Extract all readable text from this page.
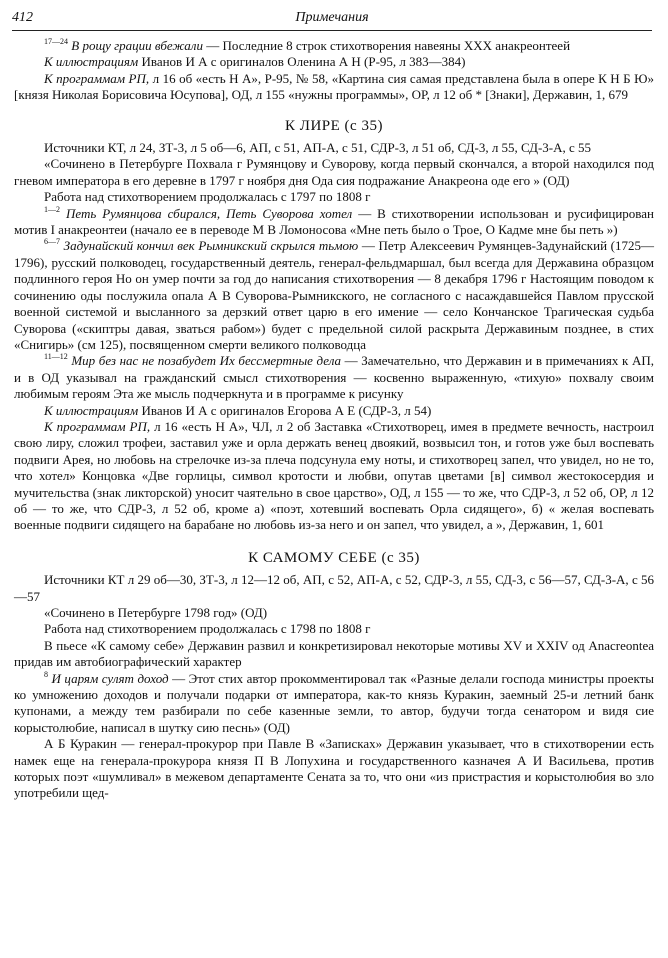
412	Примечания

$^{17—24}$ В рощу грации вбежали — Последние 8 строк стихотворения навеяны XXX анакреонтеей

К иллюстрациям Иванов И А с оригиналов Оленина А Н (Р-95, л 383—384)

К программам РП, л 16 об «есть Н А», Р-95, № 58, «Картина сия самая представлена была в опере К Н Б Ю» [князя Николая Борисовича Юсупова], ОД, л 155 «нужны программы», ОР, л 12 об * [Знаки], Державин, 1, 679

К ЛИРЕ (с 35)

Источники КТ, л 24, ЗТ-3, л 5 об—6, АП, с 51, АП-А, с 51, СДР-3, л 51 об, СД-3, л 55, СД-3-А, с 55

«Сочинено в Петербурге Похвала г Румянцову и Суворову, когда первый скончался, а второй находился под гневом императора в его деревне в 1797 г ноября дня Ода сия подражание Анакреона оде его » (ОД)

Работа над стихотворением продолжалась с 1797 по 1808 г

$^{1—2}$ Петь Румянцова сбирался, Петь Суворова хотел — В стихотворении использован и русифицирован мотив I анакреонтеи (начало ее в переводе М В Ломоносова «Мне петь было о Трое, О Кадме мне бы петь »)

$^{6—7}$ Задунайский кончил век Рымникский скрылся тьмою — Петр Алексеевич Румянцев-Задунайский (1725—1796), русский полководец, государственный деятель, генерал-фельдмаршал, был всегда для Державина образцом подлинного героя Но он умер почти за год до написания стихотворения — 8 декабря 1796 г Настоящим поводом к сочинению оды послужила опала А В Суворова-Рымникского, не согласного с насаждавшейся Павлом прусской военной системой и высланного за дерзкий ответ царю в его имение — село Кончанское Трагическая судьба Суворова («скиптры давая, зваться рабом») будет с предельной силой раскрыта Державиным позднее, в стих «Снигирь» (см 125), посвященном смерти великого полководца

$^{11—12}$ Мир без нас не позабудет Их бессмертные дела — Замечательно, что Державин и в примечаниях к АП, и в ОД указывал на гражданский смысл стихотворения — косвенно выраженную, «тихую» похвалу своим любимым героям Эта же мысль подчеркнута и в программе к рисунку

К иллюстрациям Иванов И А с оригиналов Егорова А Е (СДР-3, л 54)

К программам РП, л 16 «есть Н А», ЧЛ, л 2 об Заставка «Стихотворец, имея в предмете вечность, настроил свою лиру, сложил трофеи, заставил уже и орла держать венец двоякий, возвысил тон, и готов уже был воспевать подвиги Арея, но любовь на стрелочке из-за плеча подсунула ему ноты, и стихотворец запел, что увидел, но не то, что хотел» Концовка «Две горлицы, символ кротости и любви, опутав цветами [в] символ жестокосердия и мучительства (знак ликторской) уносит чаятельно в свое царство», ОД, л 155 — то же, что СДР-3, л 52 об, ОР, л 12 об — то же, что СДР-3, л 52 об, кроме а) «поэт, хотевший воспевать Орла сидящего», б) « желая воспевать военные подвиги сидящего на барабане но любовь из-за него и он запел, что увидел, а », Державин, 1, 601

К САМОМУ СЕБЕ (с 35)

Источники КТ л 29 об—30, ЗТ-3, л 12—12 об, АП, с 52, АП-А, с 52, СДР-3, л 55, СД-3, с 56—57, СД-3-А, с 56—57

«Сочинено в Петербурге 1798 год» (ОД)

Работа над стихотворением продолжалась с 1798 по 1808 г

В пьесе «К самому себе» Державин развил и конкретизировал некоторые мотивы XV и XXIV од Anacreontea придав им автобиографический характер

$^8$ И царям сулят доход — Этот стих автор прокомментировал так «Разные делали господа министры проекты ко умножению доходов и получали подарки от императора, как-то князь Куракин, заемный 25-и летний банк купонами, а между тем разбирали по себе казенные земли, то автор, будучи тогда сенатором и видя сие корыстолюбие, написал в шутку сию песнь» (ОД)

А Б Куракин — генерал-прокурор при Павле В «Записках» Державин указывает, что в стихотворении есть намек еще на генерала-прокурора князя П В Лопухина и государственного казначея А И Васильева, против которых поэт «шумливал» в межевом департаменте Сената за то, что они «из пристрастия и корыстолюбия во зло употребили щед-
